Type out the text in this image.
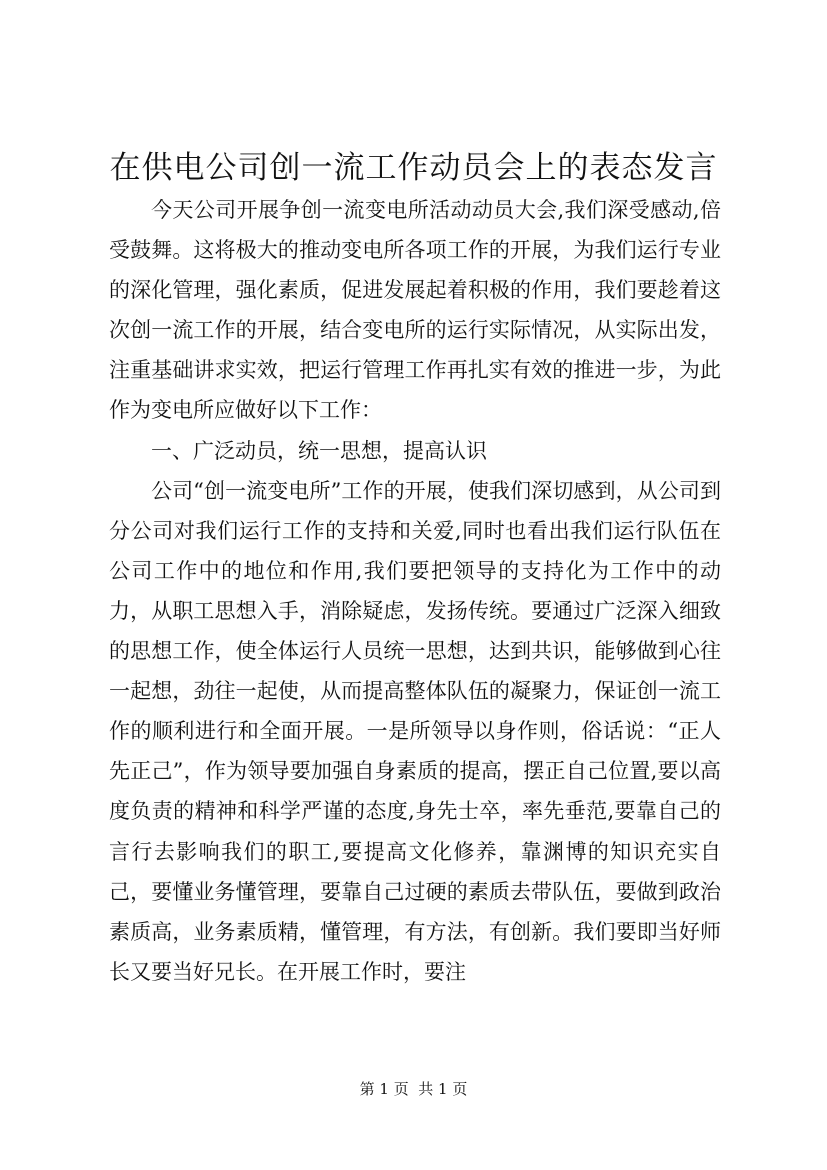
在供电公司创一流工作动员会上的表态发言

今天公司开展争创一流变电所活动动员大会,我们深受感动,倍受鼓舞。这将极大的推动变电所各项工作的开展，为我们运行专业的深化管理，强化素质，促进发展起着积极的作用，我们要趁着这次创一流工作的开展，结合变电所的运行实际情况，从实际出发，注重基础讲求实效，把运行管理工作再扎实有效的推进一步，为此作为变电所应做好以下工作：

一、广泛动员，统一思想，提高认识

公司“创一流变电所”工作的开展，使我们深切感到，从公司到分公司对我们运行工作的支持和关爱,同时也看出我们运行队伍在公司工作中的地位和作用,我们要把领导的支持化为工作中的动力，从职工思想入手，消除疑虑，发扬传统。要通过广泛深入细致的思想工作，使全体运行人员统一思想，达到共识，能够做到心往一起想，劲往一起使，从而提高整体队伍的凝聚力，保证创一流工作的顺利进行和全面开展。一是所领导以身作则，俗话说：“正人先正己”，作为领导要加强自身素质的提高，摆正自己位置,要以高度负责的精神和科学严谨的态度,身先士卒，率先垂范,要靠自己的言行去影响我们的职工,要提高文化修养，靠渊博的知识充实自己，要懂业务懂管理，要靠自己过硬的素质去带队伍，要做到政治素质高，业务素质精，懂管理，有方法，有创新。我们要即当好师长又要当好兄长。在开展工作时，要注

第 1 页  共 1 页
